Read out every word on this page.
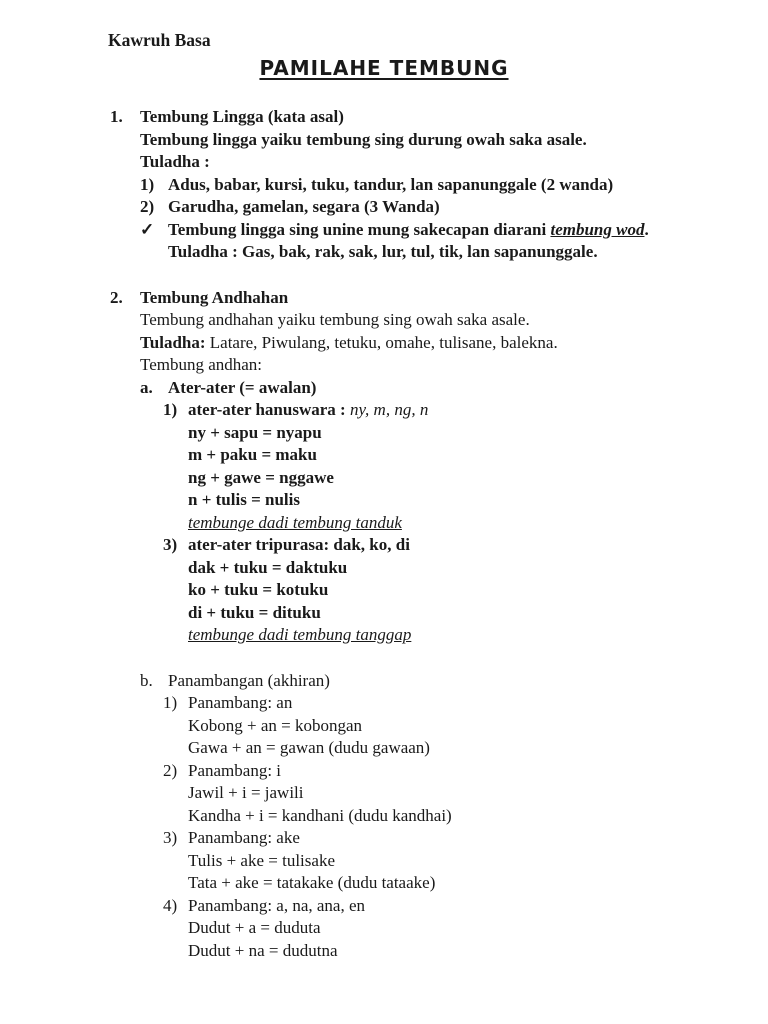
Kawruh Basa
PAMILAHE TEMBUNG
1. Tembung Lingga (kata asal)
Tembung lingga yaiku tembung sing durung owah saka asale.
Tuladha :
1) Adus, babar, kursi, tuku, tandur, lan sapanunggale (2 wanda)
2) Garudha, gamelan, segara (3 Wanda)
✓ Tembung lingga sing unine mung sakecapan diarani tembung wod.
Tuladha : Gas, bak, rak, sak, lur, tul, tik, lan sapanunggale.
2. Tembung Andhahan
Tembung andhahan yaiku tembung sing owah saka asale.
Tuladha: Latare, Piwulang, tetuku, omahe, tulisane, balekna.
Tembung andhan:
a. Ater-ater (= awalan)
1) ater-ater hanuswara : ny, m, ng, n
ny + sapu = nyapu
m + paku = maku
ng + gawe = nggawe
n + tulis = nulis
tembunge dadi tembung tanduk
3) ater-ater tripurasa: dak, ko, di
dak + tuku = daktuku
ko + tuku = kotuku
di + tuku = dituku
tembunge dadi tembung tanggap
b. Panambangan (akhiran)
1) Panambang: an
Kobong + an = kobongan
Gawa + an = gawan (dudu gawaan)
2) Panambang: i
Jawil + i = jawili
Kandha + i = kandhani (dudu kandhai)
3) Panambang: ake
Tulis + ake = tulisake
Tata + ake = tatakake (dudu tataake)
4) Panambang: a, na, ana, en
Dudut + a = duduta
Dudut + na = dudutna
